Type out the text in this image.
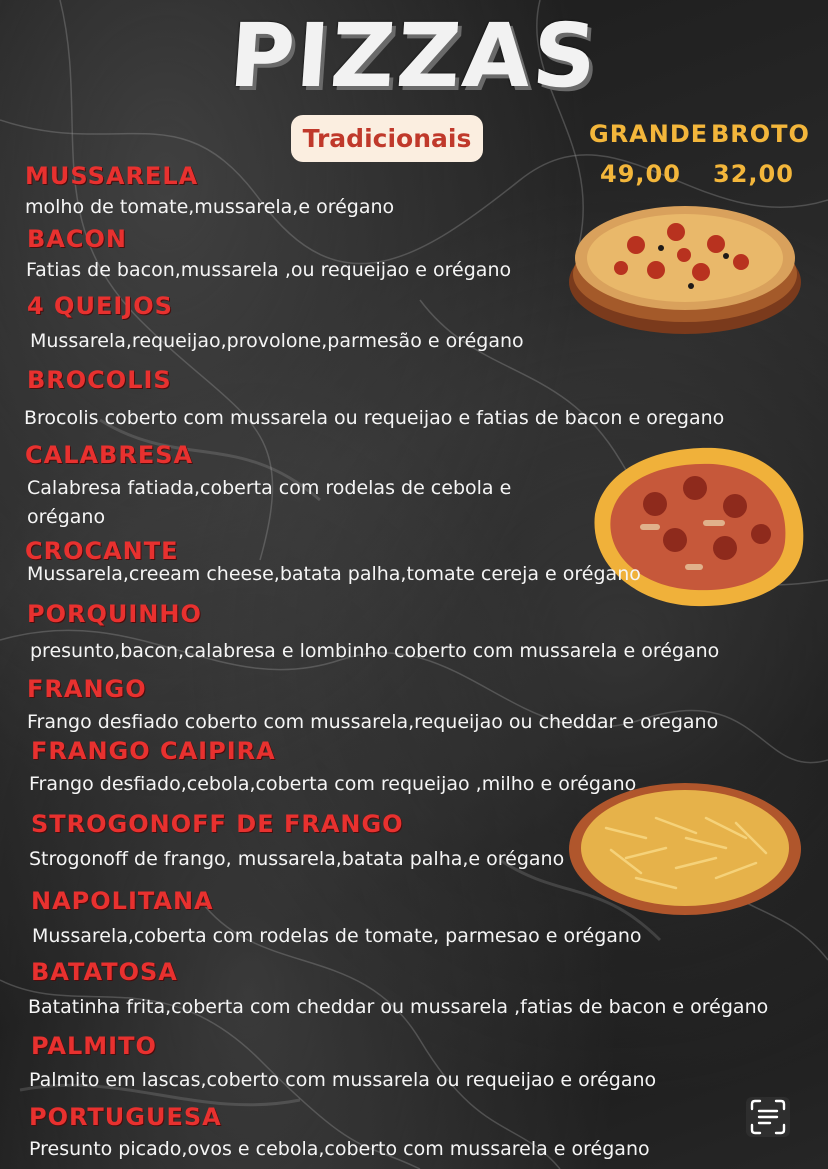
PIZZAS
Tradicionais	GRANDE BROTO
49,00 32,00
MUSSARELA
molho de tomate,mussarela,e orégano
BACON
Fatias de bacon,mussarela ,ou requeijao e orégano
4 QUEIJOS
Mussarela,requeijao,provolone,parmesão e orégano
BROCOLIS
Brocolis coberto com mussarela ou requeijao e fatias de bacon e oregano
CALABRESA
Calabresa fatiada,coberta com rodelas de cebola e
orégano
CROCANTE
Mussarela,creeam cheese,batata palha,tomate cereja e orégano
PORQUINHO
presunto,bacon,calabresa e lombinho coberto com mussarela e orégano
FRANGO
Frango desfiado coberto com mussarela,requeijao ou cheddar e oregano
FRANGO CAIPIRA
Frango desfiado,cebola,coberta com requeijao ,milho e orégano
STROGONOFF DE FRANGO
Strogonoff de frango, mussarela,batata palha,e orégano
NAPOLITANA
Mussarela,coberta com rodelas de tomate, parmesao e orégano
BATATOSA
Batatinha frita,coberta com cheddar ou mussarela ,fatias de bacon e orégano
PALMITO
Palmito em lascas,coberto com mussarela ou requeijao e orégano
PORTUGUESA
Presunto picado,ovos e cebola,coberto com mussarela e orégano
